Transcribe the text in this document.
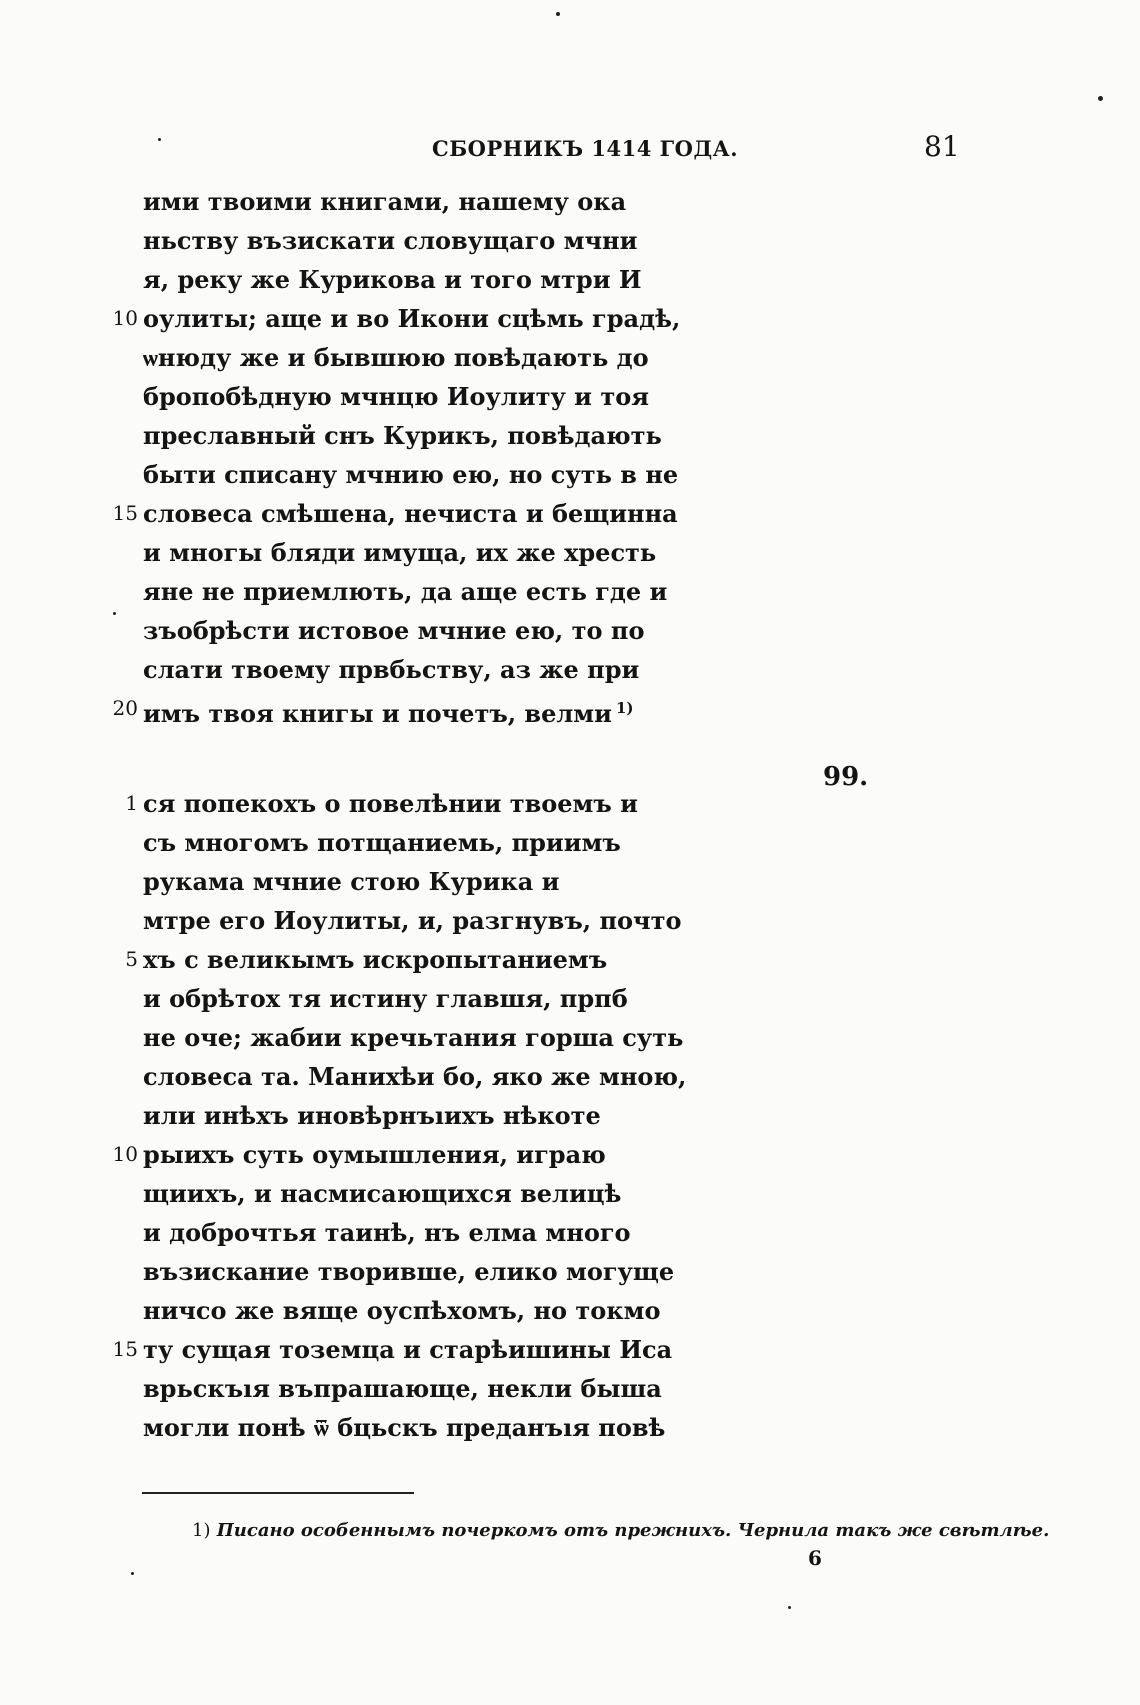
СБОРНИКЪ 1414 ГОДА.	81
ими твоими книгами, нашему ока
ньству възискати словущаго мчни
я, реку же Курикова и того мтри И
10 оулиты; аще и во Икони сцѣмь градѣ,
ѡнюду же и бывшюю повѣдають до
бропобѣдную мчнцю Иоулиту и тоя
преславный снъ Курикъ, повѣдають
быти списану мчнию ею, но суть в не
15 словеса смѣшена, нечиста и бещинна
и многы бляди имуща, их же хресть
яне не приемлють, да аще есть где и
зъобрѣсти истовое мчние ею, то по
слати твоему првбьству, аз же при
20 имъ твоя книгы и почетъ, велми $^{1)}$
99.
1 ся попекохъ о повелѣнии твоемъ и
съ многомъ потщаниемь, приимъ
рукама мчние стою Курика и
мтре его Иоулиты, и, разгнувъ, почто
5 хъ с великымъ искропытаниемъ
и обрѣтох тя истину главшя, прпб
не оче; жабии кречьтания горша суть
словеса та. Манихѣи бо, яко же мною,
или инѣхъ иновѣрнъıихъ нѣкоте
10 рыихъ суть оумышления, играю
щиихъ, и насмисающихся велицѣ
и доброчтья таинѣ, нъ елма много
възискание творивше, елико могуще
ничсо же вяще оуспѣхомъ, но токмо
15 ту сущая тоземца и старѣишины Иса
врьскъıя въпрашающе, некли быша
могли понѣ ѿ бцьскъ преданъıя повѣ
1) Писано особеннымъ почеркомъ отъ прежнихъ. Чернила такъ же свѣтлѣе.
6
